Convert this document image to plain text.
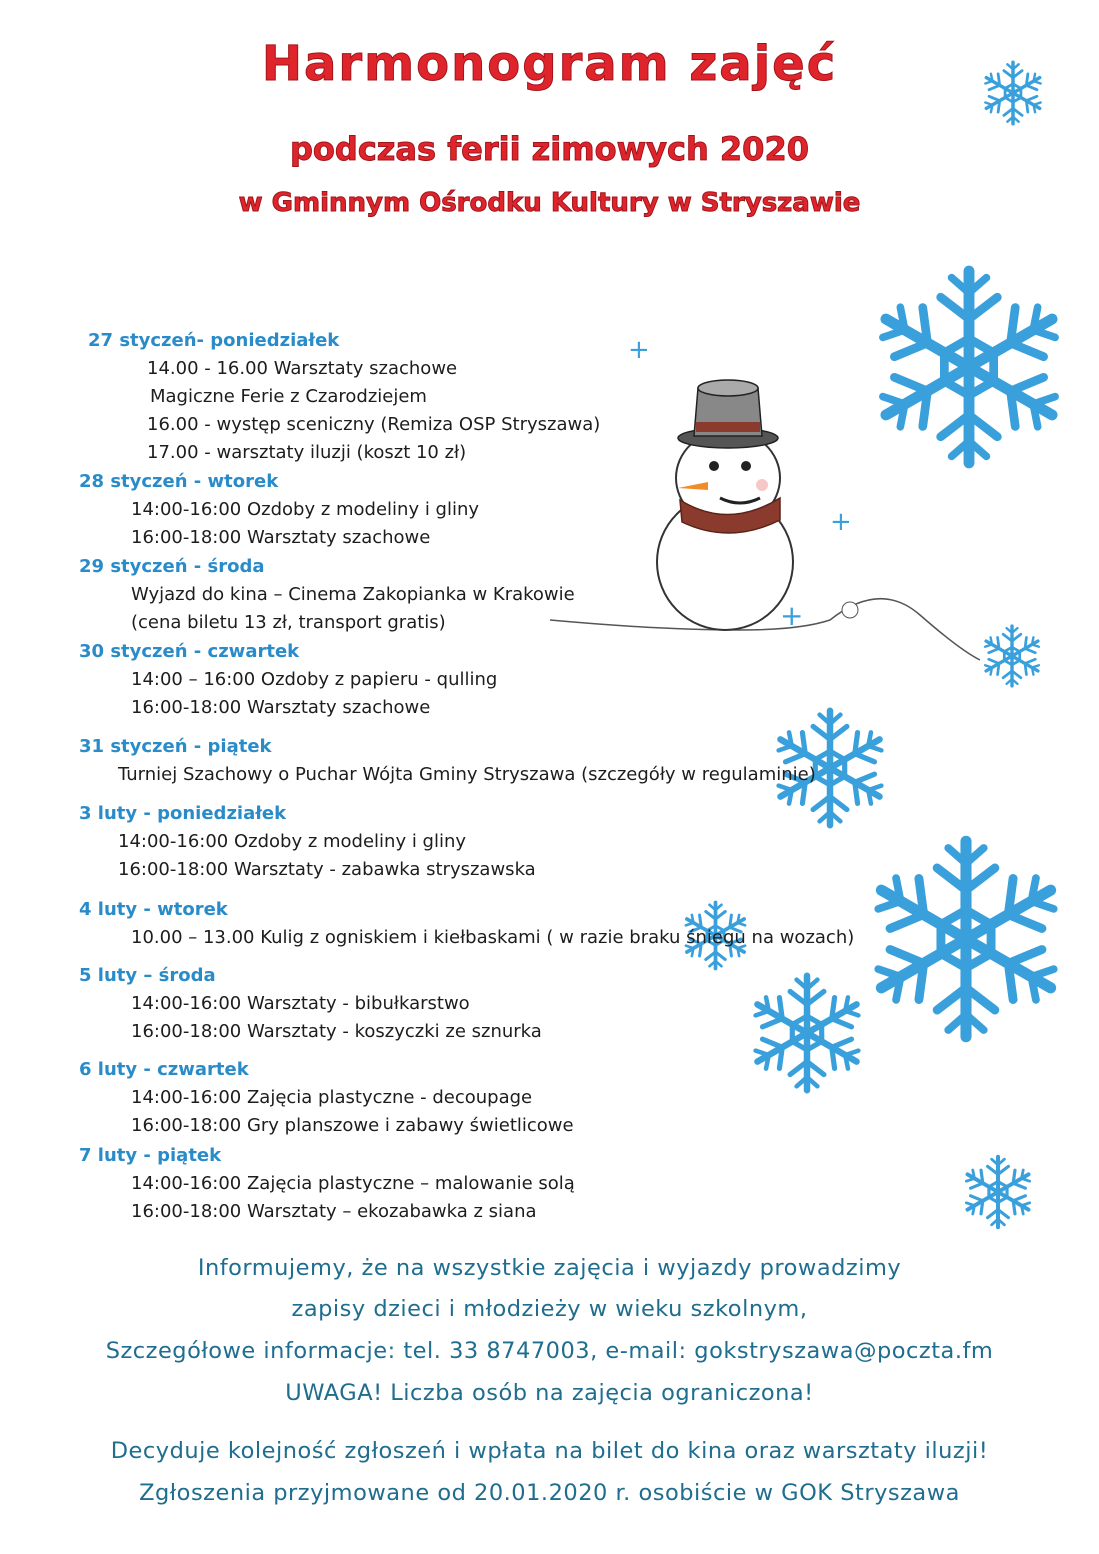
Harmonogram zajęć
podczas ferii zimowych 2020
w Gminnym Ośrodku Kultury w Stryszawie
+
+
+
27 styczeń- poniedziałek
14.00 - 16.00 Warsztaty szachowe
Magiczne Ferie z Czarodziejem
16.00 - występ sceniczny (Remiza OSP Stryszawa)
17.00 - warsztaty iluzji (koszt 10 zł)
28 styczeń - wtorek
14:00-16:00 Ozdoby z modeliny i gliny
16:00-18:00 Warsztaty szachowe
29 styczeń - środa
Wyjazd do kina – Cinema Zakopianka w Krakowie
(cena biletu 13 zł, transport gratis)
30 styczeń - czwartek
14:00 – 16:00 Ozdoby z papieru - qulling
16:00-18:00 Warsztaty szachowe
31 styczeń - piątek
Turniej Szachowy o Puchar Wójta Gminy Stryszawa (szczegóły w regulaminie)
3 luty - poniedziałek
14:00-16:00 Ozdoby z modeliny i gliny
16:00-18:00 Warsztaty - zabawka stryszawska
4 luty - wtorek
10.00 – 13.00 Kulig z ogniskiem i kiełbaskami ( w razie braku śniegu na wozach)
5 luty – środa
14:00-16:00 Warsztaty - bibułkarstwo
16:00-18:00 Warsztaty - koszyczki ze sznurka
6 luty - czwartek
14:00-16:00 Zajęcia plastyczne - decoupage
16:00-18:00 Gry planszowe i zabawy świetlicowe
7 luty - piątek
14:00-16:00 Zajęcia plastyczne – malowanie solą
16:00-18:00 Warsztaty – ekozabawka z siana
Informujemy, że na wszystkie zajęcia i wyjazdy prowadzimy
zapisy dzieci i młodzieży w wieku szkolnym,
Szczegółowe informacje: tel. 33 8747003, e-mail: gokstryszawa@poczta.fm
UWAGA! Liczba osób na zajęcia ograniczona!
Decyduje kolejność zgłoszeń i wpłata na bilet do kina oraz warsztaty iluzji!
Zgłoszenia przyjmowane od 20.01.2020 r. osobiście w GOK Stryszawa
